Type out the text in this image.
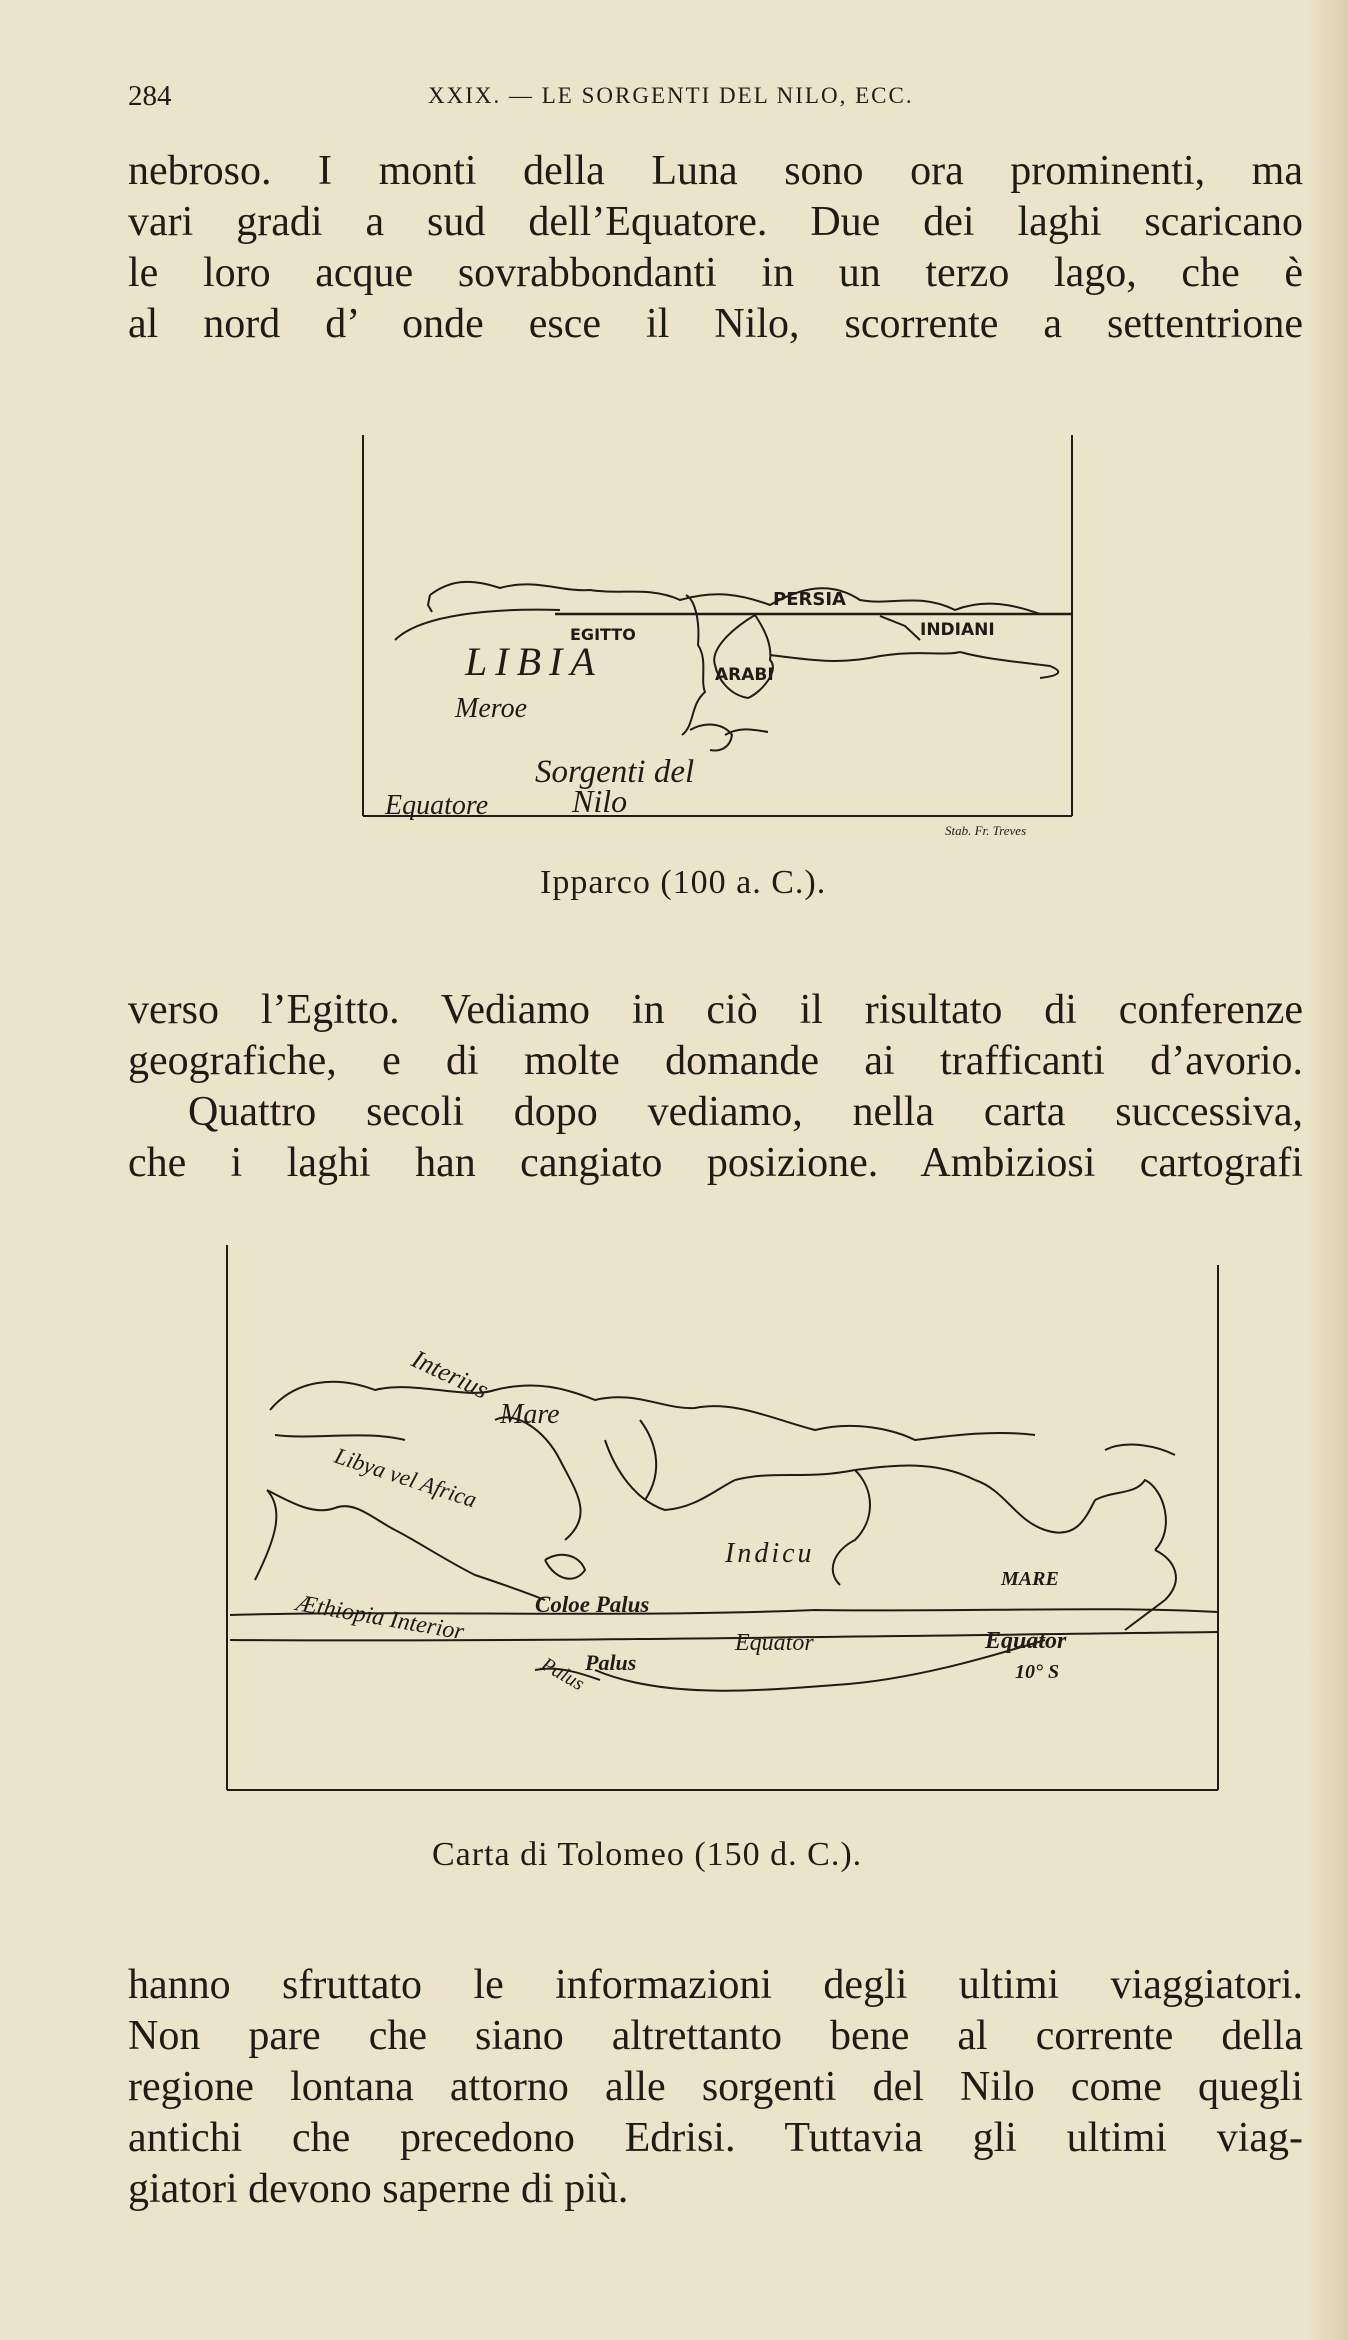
284	XXIX. — LE SORGENTI DEL NILO, ECC.
nebroso. I monti della Luna sono ora prominenti, ma
vari gradi a sud dell’Equatore. Due dei laghi scaricano
le loro acque sovrabbondanti in un terzo lago, che è
al nord d’ onde esce il Nilo, scorrente a settentrione
PERSIA
EGITTO	INDIANI
ARABI
LIBIA
Meroe
Sorgenti del
Equatore	Nilo
Stab. Fr. Treves
Ipparco (100 a. C.).
verso l’Egitto. Vediamo in ciò il risultato di conferenze
geografiche, e di molte domande ai trafficanti d’avorio.
Quattro secoli dopo vediamo, nella carta successiva,
che i laghi han cangiato posizione. Ambiziosi cartografi
Interius
Mare
Libya vel Africa
Indicu
MARE
Æthiopia Interior	Coloe Palus
Equator	Equator
10° S
Palus
Palus
Carta di Tolomeo (150 d. C.).
hanno sfruttato le informazioni degli ultimi viaggiatori.
Non pare che siano altrettanto bene al corrente della
regione lontana attorno alle sorgenti del Nilo come quegli
antichi che precedono Edrisi. Tuttavia gli ultimi viag-
giatori devono saperne di più.
